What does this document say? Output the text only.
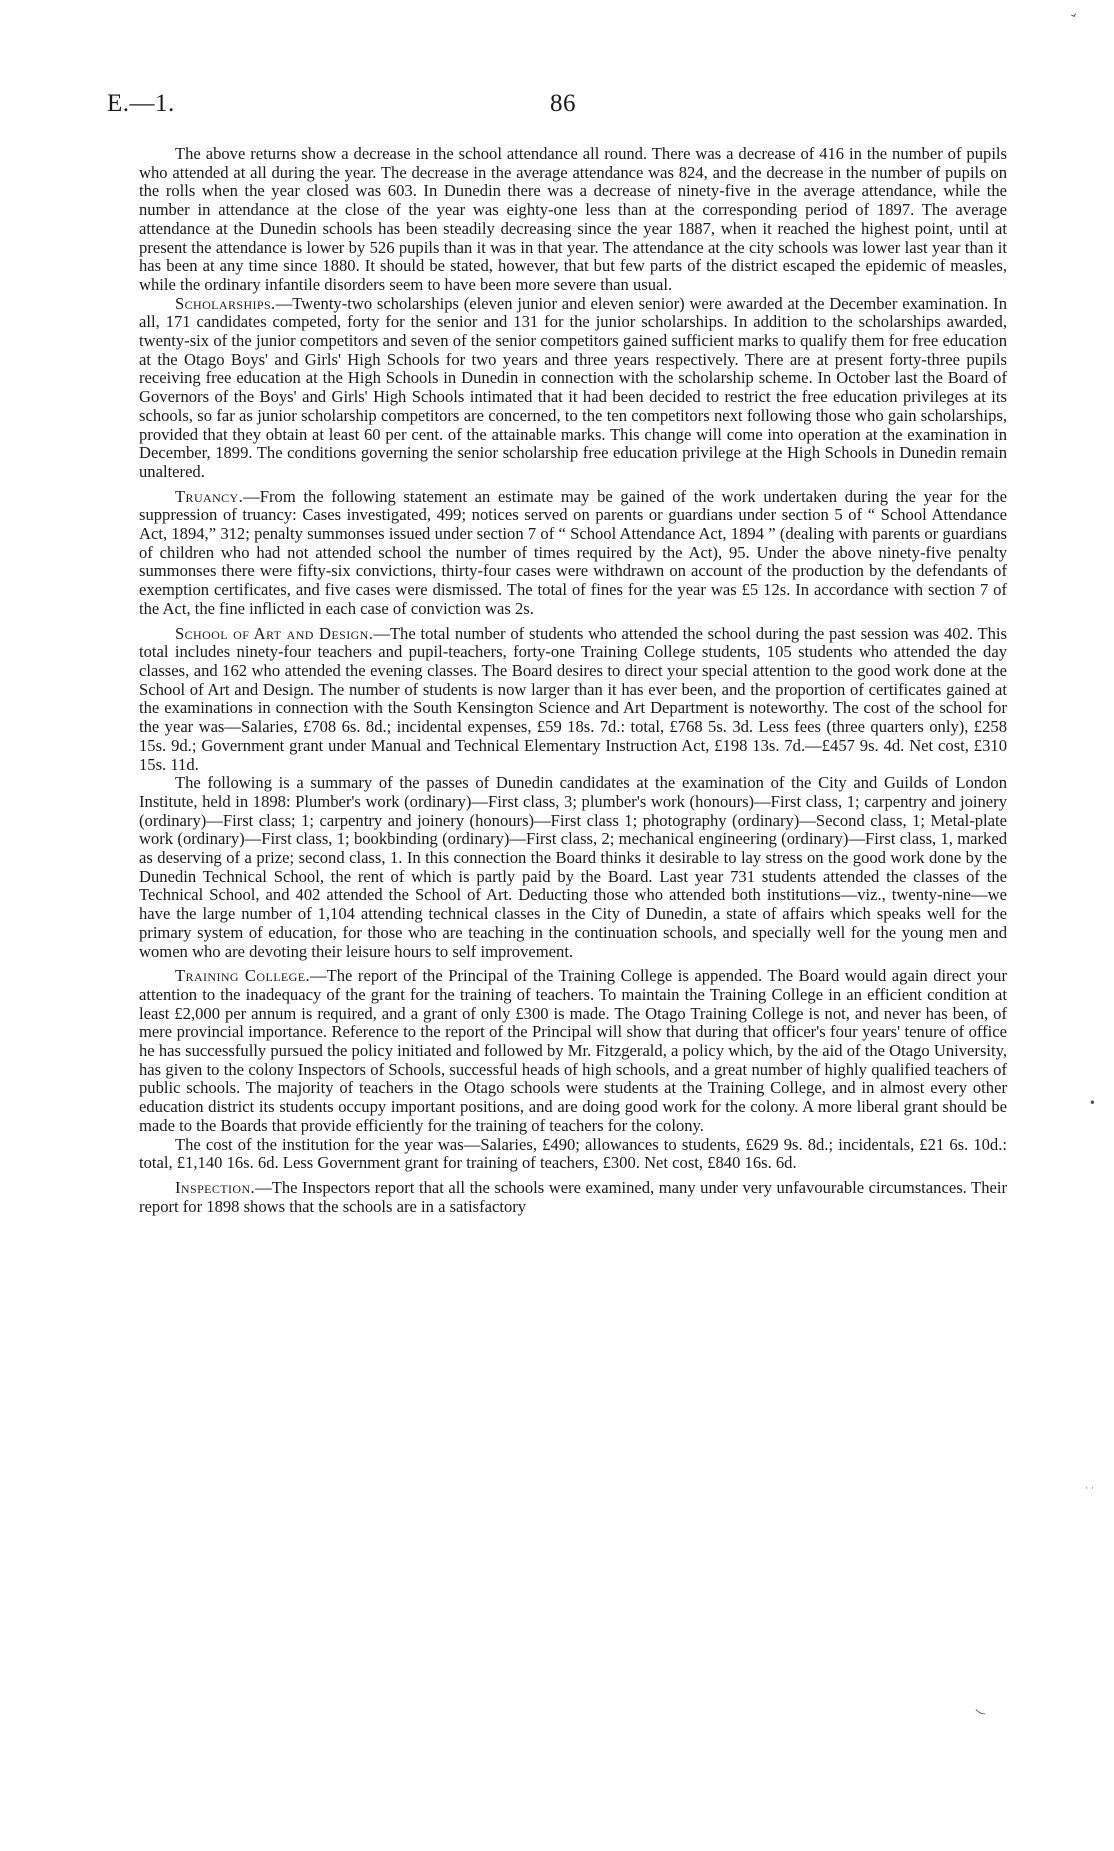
⌄
•
· ·
‿
E.—1.	86

The above returns show a decrease in the school attendance all round. There was a decrease of 416 in the number of pupils who attended at all during the year. The decrease in the average attendance was 824, and the decrease in the number of pupils on the rolls when the year closed was 603. In Dunedin there was a decrease of ninety-five in the average attendance, while the number in attendance at the close of the year was eighty-one less than at the corresponding period of 1897. The average attendance at the Dunedin schools has been steadily decreasing since the year 1887, when it reached the highest point, until at present the attendance is lower by 526 pupils than it was in that year. The attendance at the city schools was lower last year than it has been at any time since 1880. It should be stated, however, that but few parts of the district escaped the epidemic of measles, while the ordinary infantile disorders seem to have been more severe than usual.

Scholarships.—Twenty-two scholarships (eleven junior and eleven senior) were awarded at the December examination. In all, 171 candidates competed, forty for the senior and 131 for the junior scholarships. In addition to the scholarships awarded, twenty-six of the junior competitors and seven of the senior competitors gained sufficient marks to qualify them for free education at the Otago Boys' and Girls' High Schools for two years and three years respectively. There are at present forty-three pupils receiving free education at the High Schools in Dunedin in connection with the scholarship scheme. In October last the Board of Governors of the Boys' and Girls' High Schools intimated that it had been decided to restrict the free education privileges at its schools, so far as junior scholarship competitors are concerned, to the ten competitors next following those who gain scholarships, provided that they obtain at least 60 per cent. of the attainable marks. This change will come into operation at the examination in December, 1899. The conditions governing the senior scholarship free education privilege at the High Schools in Dunedin remain unaltered.

Truancy.—From the following statement an estimate may be gained of the work undertaken during the year for the suppression of truancy: Cases investigated, 499; notices served on parents or guardians under section 5 of “ School Attendance Act, 1894,” 312; penalty summonses issued under section 7 of “ School Attendance Act, 1894 ” (dealing with parents or guardians of children who had not attended school the number of times required by the Act), 95. Under the above ninety-five penalty summonses there were fifty-six convictions, thirty-four cases were withdrawn on account of the production by the defendants of exemption certificates, and five cases were dismissed. The total of fines for the year was £5 12s. In accordance with section 7 of the Act, the fine inflicted in each case of conviction was 2s.

School of Art and Design.—The total number of students who attended the school during the past session was 402. This total includes ninety-four teachers and pupil-teachers, forty-one Training College students, 105 students who attended the day classes, and 162 who attended the evening classes. The Board desires to direct your special attention to the good work done at the School of Art and Design. The number of students is now larger than it has ever been, and the proportion of certificates gained at the examinations in connection with the South Kensington Science and Art Department is noteworthy. The cost of the school for the year was—Salaries, £708 6s. 8d.; incidental expenses, £59 18s. 7d.: total, £768 5s. 3d. Less fees (three quarters only), £258 15s. 9d.; Government grant under Manual and Technical Elementary Instruction Act, £198 13s. 7d.—£457 9s. 4d. Net cost, £310 15s. 11d.

The following is a summary of the passes of Dunedin candidates at the examination of the City and Guilds of London Institute, held in 1898: Plumber's work (ordinary)—First class, 3; plumber's work (honours)—First class, 1; carpentry and joinery (ordinary)—First class; 1; carpentry and joinery (honours)—First class 1; photography (ordinary)—Second class, 1; Metal-plate work (ordinary)—First class, 1; bookbinding (ordinary)—First class, 2; mechanical engineering (ordinary)—First class, 1, marked as deserving of a prize; second class, 1. In this connection the Board thinks it desirable to lay stress on the good work done by the Dunedin Technical School, the rent of which is partly paid by the Board. Last year 731 students attended the classes of the Technical School, and 402 attended the School of Art. Deducting those who attended both institutions—viz., twenty-nine—we have the large number of 1,104 attending technical classes in the City of Dunedin, a state of affairs which speaks well for the primary system of education, for those who are teaching in the continuation schools, and specially well for the young men and women who are devoting their leisure hours to self improvement.

Training College.—The report of the Principal of the Training College is appended. The Board would again direct your attention to the inadequacy of the grant for the training of teachers. To maintain the Training College in an efficient condition at least £2,000 per annum is required, and a grant of only £300 is made. The Otago Training College is not, and never has been, of mere provincial importance. Reference to the report of the Principal will show that during that officer's four years' tenure of office he has successfully pursued the policy initiated and followed by Mr. Fitzgerald, a policy which, by the aid of the Otago University, has given to the colony Inspectors of Schools, successful heads of high schools, and a great number of highly qualified teachers of public schools. The majority of teachers in the Otago schools were students at the Training College, and in almost every other education district its students occupy important positions, and are doing good work for the colony. A more liberal grant should be made to the Boards that provide efficiently for the training of teachers for the colony.

The cost of the institution for the year was—Salaries, £490; allowances to students, £629 9s. 8d.; incidentals, £21 6s. 10d.: total, £1,140 16s. 6d. Less Government grant for training of teachers, £300. Net cost, £840 16s. 6d.

Inspection.—The Inspectors report that all the schools were examined, many under very unfavourable circumstances. Their report for 1898 shows that the schools are in a satisfactory
